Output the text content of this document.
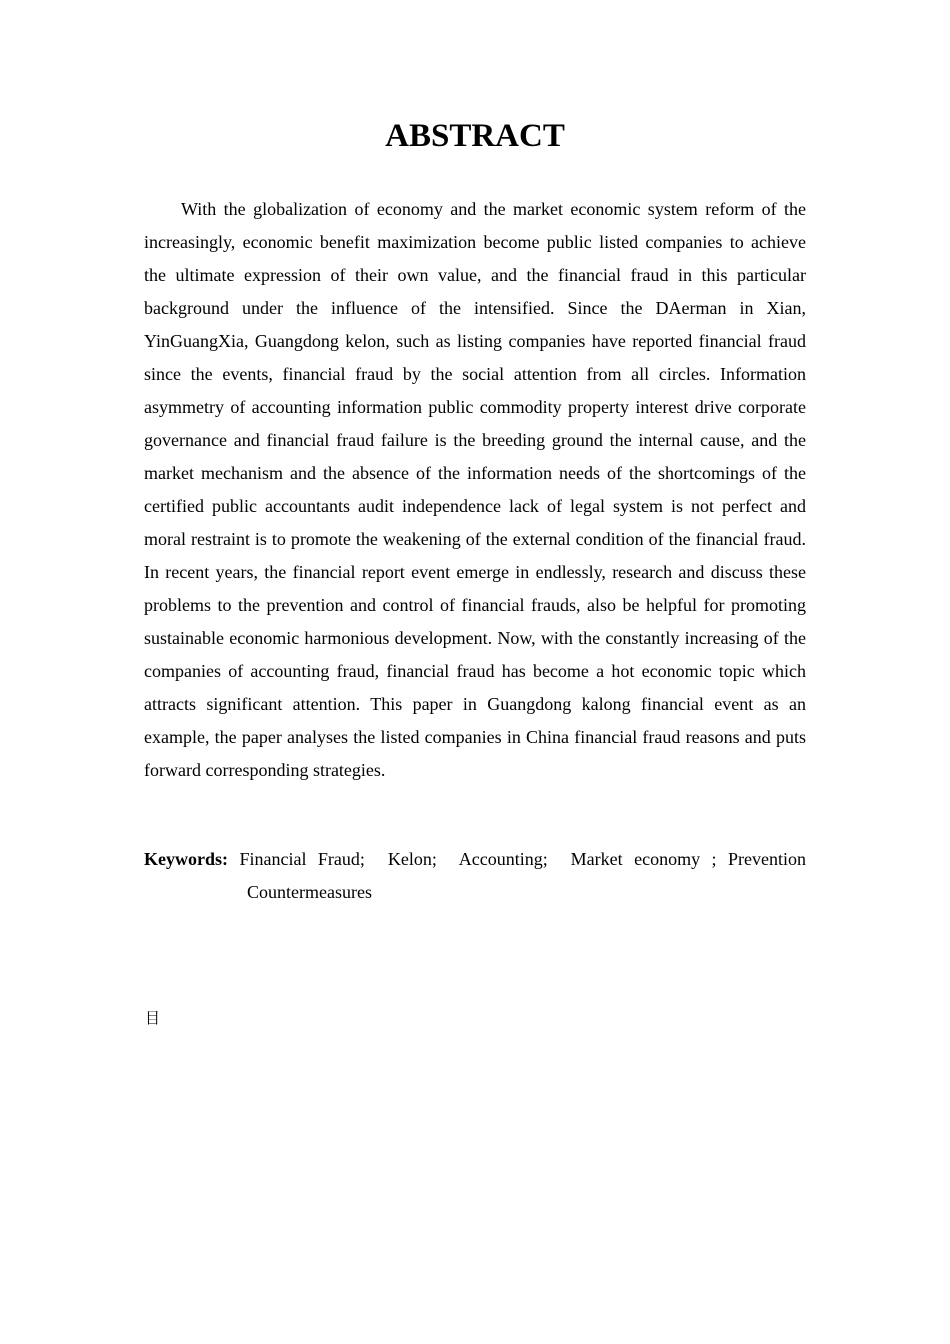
ABSTRACT

With the globalization of economy and the market economic system reform of the increasingly, economic benefit maximization become public listed companies to achieve the ultimate expression of their own value, and the financial fraud in this particular background under the influence of the intensified. Since the DAerman in Xian, YinGuangXia, Guangdong kelon, such as listing companies have reported financial fraud since the events, financial fraud by the social attention from all circles. Information asymmetry of accounting information public commodity property interest drive corporate governance and financial fraud failure is the breeding ground the internal cause, and the market mechanism and the absence of the information needs of the shortcomings of the certified public accountants audit independence lack of legal system is not perfect and moral restraint is to promote the weakening of the external condition of the financial fraud. In recent years, the financial report event emerge in endlessly, research and discuss these problems to the prevention and control of financial frauds, also be helpful for promoting sustainable economic harmonious development. Now, with the constantly increasing of the companies of accounting fraud, financial fraud has become a hot economic topic which attracts significant attention. This paper in Guangdong kalong financial event as an example, the paper analyses the listed companies in China financial fraud reasons and puts forward corresponding strategies.

Keywords: Financial Fraud;  Kelon;  Accounting;  Market economy ; Prevention Countermeasures

目
